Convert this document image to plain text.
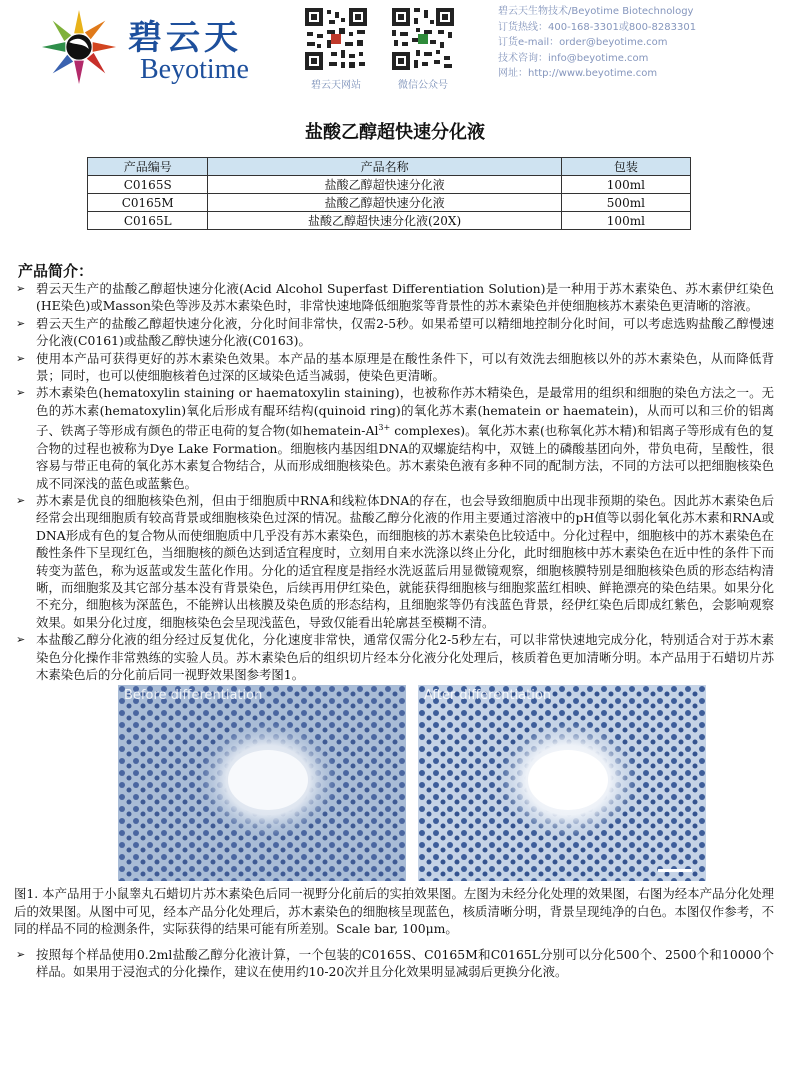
碧云天
Beyotime
碧云天网站	微信公众号
碧云天生物技术/Beyotime Biotechnology
订货热线：400-168-3301或800-8283301
订货e-mail：order@beyotime.com
技术咨询：info@beyotime.com
网址：http://www.beyotime.com
盐酸乙醇超快速分化液
产品编号	产品名称	包装
C0165S	盐酸乙醇超快速分化液	100ml
C0165M	盐酸乙醇超快速分化液	500ml
C0165L	盐酸乙醇超快速分化液(20X)	100ml
产品简介：
➢ 碧云天生产的盐酸乙醇超快速分化液(Acid Alcohol Superfast Differentiation Solution)是一种用于苏木素染色、苏木素伊红染色(HE染色)或Masson染色等涉及苏木素染色时，非常快速地降低细胞浆等背景性的苏木素染色并使细胞核苏木素染色更清晰的溶液。
➢ 碧云天生产的盐酸乙醇超快速分化液，分化时间非常快，仅需2-5秒。如果希望可以精细地控制分化时间，可以考虑选购盐酸乙醇慢速分化液(C0161)或盐酸乙醇快速分化液(C0163)。
➢ 使用本产品可获得更好的苏木素染色效果。本产品的基本原理是在酸性条件下，可以有效洗去细胞核以外的苏木素染色，从而降低背景；同时，也可以使细胞核着色过深的区域染色适当减弱，使染色更清晰。
➢ 苏木素染色(hematoxylin staining or haematoxylin staining)，也被称作苏木精染色，是最常用的组织和细胞的染色方法之一。无色的苏木素(hematoxylin)氧化后形成有醌环结构(quinoid ring)的氧化苏木素(hematein or haematein)，从而可以和三价的铝离子、铁离子等形成有颜色的带正电荷的复合物(如hematein-$Al^{3+}$ complexes)。氧化苏木素(也称氧化苏木精)和铝离子等形成有色的复合物的过程也被称为Dye Lake Formation。细胞核内基因组DNA的双螺旋结构中，双链上的磷酸基团向外，带负电荷，呈酸性，很容易与带正电荷的氧化苏木素复合物结合，从而形成细胞核染色。苏木素染色液有多种不同的配制方法，不同的方法可以把细胞核染色成不同深浅的蓝色或蓝紫色。
➢ 苏木素是优良的细胞核染色剂，但由于细胞质中RNA和线粒体DNA的存在，也会导致细胞质中出现非预期的染色。因此苏木素染色后经常会出现细胞质有较高背景或细胞核染色过深的情况。盐酸乙醇分化液的作用主要通过溶液中的pH值等以弱化氧化苏木素和RNA或DNA形成有色的复合物从而使细胞质中几乎没有苏木素染色，而细胞核的苏木素染色比较适中。分化过程中，细胞核中的苏木素染色在酸性条件下呈现红色，当细胞核的颜色达到适宜程度时，立刻用自来水洗涤以终止分化，此时细胞核中苏木素染色在近中性的条件下而转变为蓝色，称为返蓝或发生蓝化作用。分化的适宜程度是指经水洗返蓝后用显微镜观察，细胞核膜特别是细胞核染色质的形态结构清晰，而细胞浆及其它部分基本没有背景染色，后续再用伊红染色，就能获得细胞核与细胞浆蓝红相映、鲜艳漂亮的染色结果。如果分化不充分，细胞核为深蓝色，不能辨认出核膜及染色质的形态结构，且细胞浆等仍有浅蓝色背景，经伊红染色后即成红紫色，会影响观察效果。如果分化过度，细胞核染色会呈现浅蓝色，导致仅能看出轮廓甚至模糊不清。
➢ 本盐酸乙醇分化液的组分经过反复优化，分化速度非常快，通常仅需分化2-5秒左右，可以非常快速地完成分化，特别适合对于苏木素染色分化操作非常熟练的实验人员。苏木素染色后的组织切片经本分化液分化处理后，核质着色更加清晰分明。本产品用于石蜡切片苏木素染色后的分化前后同一视野效果图参考图1。
Before differentiation	After differentiation
图1. 本产品用于小鼠睾丸石蜡切片苏木素染色后同一视野分化前后的实拍效果图。左图为未经分化处理的效果图，右图为经本产品分化处理后的效果图。从图中可见，经本产品分化处理后，苏木素染色的细胞核呈现蓝色，核质清晰分明，背景呈现纯净的白色。本图仅作参考，不同的样品不同的检测条件，实际获得的结果可能有所差别。Scale bar, 100μm。
➢ 按照每个样品使用0.2ml盐酸乙醇分化液计算，一个包装的C0165S、C0165M和C0165L分别可以分化500个、2500个和10000个样品。如果用于浸泡式的分化操作，建议在使用约10-20次并且分化效果明显减弱后更换分化液。
